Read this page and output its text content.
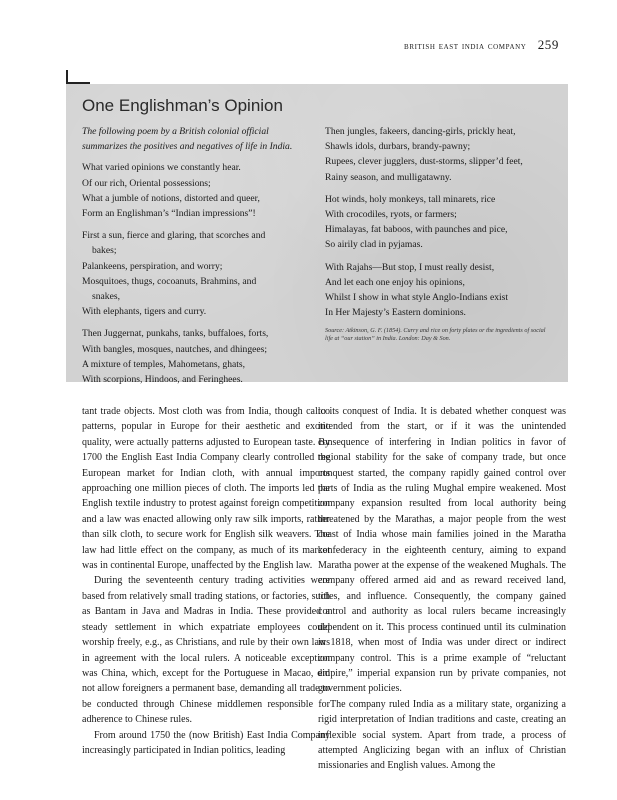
british east india company 259
One Englishman’s Opinion
The following poem by a British colonial official summarizes the positives and negatives of life in India.
What varied opinions we constantly hear.
Of our rich, Oriental possessions;
What a jumble of notions, distorted and queer,
Form an Englishman’s “Indian impressions”!
First a sun, fierce and glaring, that scorches and
bakes;
Palankeens, perspiration, and worry;
Mosquitoes, thugs, cocoanuts, Brahmins, and
snakes,
With elephants, tigers and curry.
Then Juggernat, punkahs, tanks, buffaloes, forts,
With bangles, mosques, nautches, and dhingees;
A mixture of temples, Mahometans, ghats,
With scorpions, Hindoos, and Feringhees.
Then jungles, fakeers, dancing-girls, prickly heat,
Shawls idols, durbars, brandy-pawny;
Rupees, clever jugglers, dust-storms, slipper’d feet,
Rainy season, and mulligatawny.
Hot winds, holy monkeys, tall minarets, rice
With crocodiles, ryots, or farmers;
Himalayas, fat baboos, with paunches and pice,
So airily clad in pyjamas.
With Rajahs—But stop, I must really desist,
And let each one enjoy his opinions,
Whilst I show in what style Anglo-Indians exist
In Her Majesty’s Eastern dominions.
Source: Atkinson, G. F. (1854). Curry and rice on forty plates or the ingredients of social life at “our station” in India. London: Day & Son.

tant trade objects. Most cloth was from India, though calico patterns, popular in Europe for their aesthetic and exotic quality, were actually patterns adjusted to European taste. By 1700 the English East India Company clearly controlled the European market for Indian cloth, with annual imports approaching one million pieces of cloth. The imports led the English textile industry to protest against foreign competition and a law was enacted allowing only raw silk imports, rather than silk cloth, to secure work for English silk weavers. The law had little effect on the company, as much of its market was in continental Europe, unaffected by the English law.

During the seventeenth century trading activities were based from relatively small trading stations, or factories, such as Bantam in Java and Madras in India. These provided a steady settlement in which expatriate employees could worship freely, e.g., as Christians, and rule by their own laws in agreement with the local rulers. A noticeable exception was China, which, except for the Portuguese in Macao, did not allow foreigners a permanent base, demanding all trade to be conducted through Chinese middlemen responsible for adherence to Chinese rules.

From around 1750 the (now British) East India Company increasingly participated in Indian politics, leading

to its conquest of India. It is debated whether conquest was intended from the start, or if it was the unintended consequence of interfering in Indian politics in favor of regional stability for the sake of company trade, but once conquest started, the company rapidly gained control over parts of India as the ruling Mughal empire weakened. Most company expansion resulted from local authority being threatened by the Marathas, a major people from the west coast of India whose main families joined in the Maratha confederacy in the eighteenth century, aiming to expand Maratha power at the expense of the weakened Mughals. The company offered armed aid and as reward received land, titles, and influence. Consequently, the company gained control and authority as local rulers became increasingly dependent on it. This process continued until its culmination in 1818, when most of India was under direct or indirect company control. This is a prime example of “reluctant empire,” imperial expansion run by private companies, not government policies.

The company ruled India as a military state, organizing a rigid interpretation of Indian traditions and caste, creating an inflexible social system. Apart from trade, a process of attempted Anglicizing began with an influx of Christian missionaries and English values. Among the
